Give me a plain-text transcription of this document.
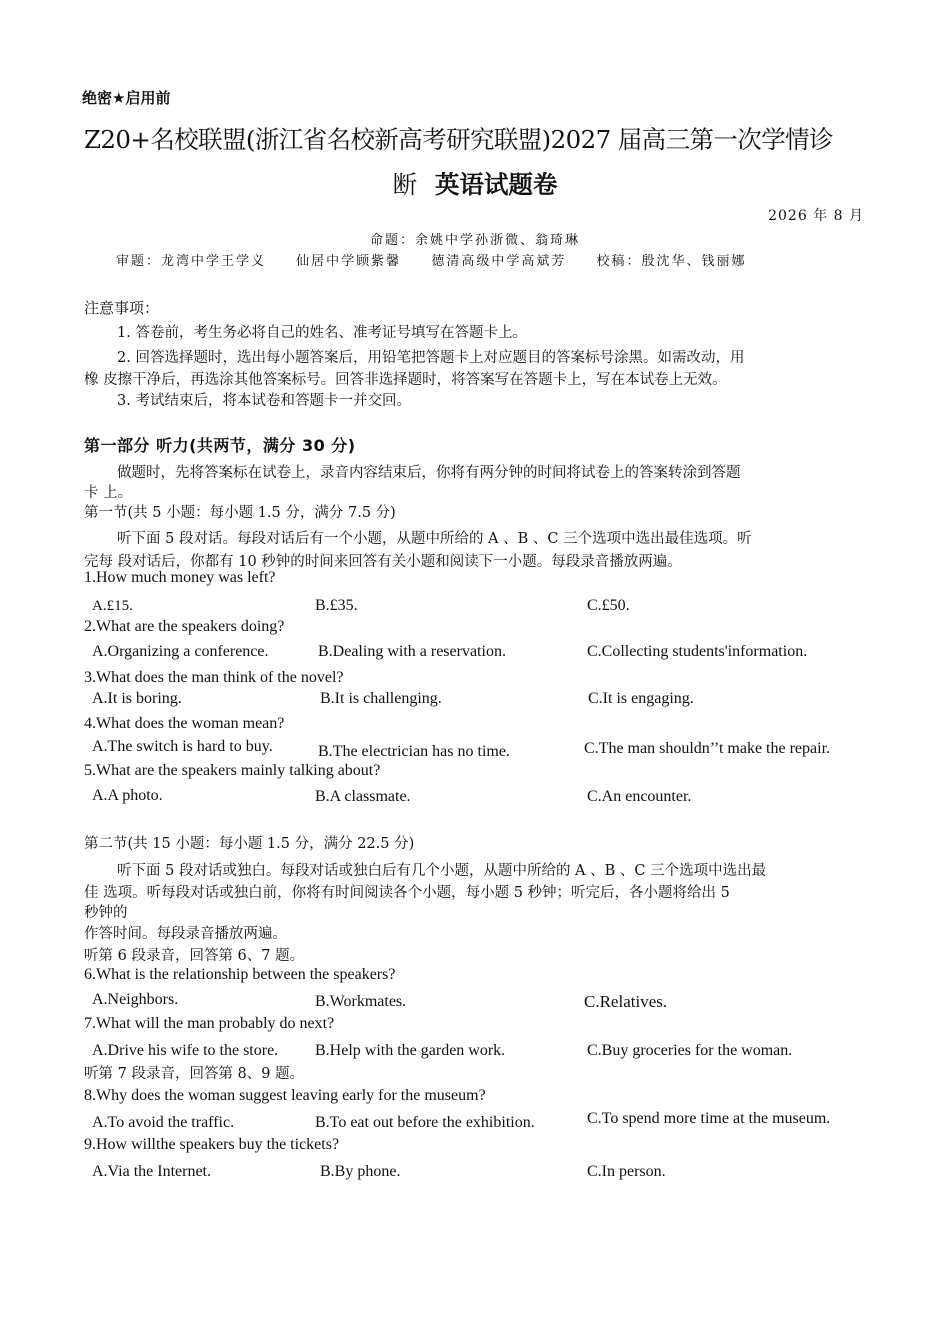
绝密★启用前
Z20+名校联盟(浙江省名校新高考研究联盟)2027 届高三第一次学情诊
断 英语试题卷
2026 年 8 月
命题：余姚中学孙浙微、翁琦琳
审题：龙湾中学王学义 仙居中学顾紫馨 德清高级中学高斌芳 校稿：殷沈华、钱丽娜
注意事项：
1. 答卷前，考生务必将自己的姓名、准考证号填写在答题卡上。
2. 回答选择题时，选出每小题答案后，用铅笔把答题卡上对应题目的答案标号涂黑。如需改动，用
橡 皮擦干净后，再选涂其他答案标号。回答非选择题时，将答案写在答题卡上，写在本试卷上无效。
3. 考试结束后，将本试卷和答题卡一并交回。
第一部分 听力(共两节，满分 30 分)
做题时，先将答案标在试卷上，录音内容结束后，你将有两分钟的时间将试卷上的答案转涂到答题
卡 上。
第一节(共 5 小题：每小题 1.5 分，满分 7.5 分)
听下面 5 段对话。每段对话后有一个小题，从题中所给的 A 、B 、C 三个选项中选出最佳选项。听
完每 段对话后，你都有 10 秒钟的时间来回答有关小题和阅读下一小题。每段录音播放两遍。
1.How much money was left?
A.£15.	B.£35.	C.£50.
2.What are the speakers doing?
A.Organizing a conference.	B.Dealing with a reservation.	C.Collecting students'information.
3.What does the man think of the novel?
A.It is boring.	B.It is challenging.	C.It is engaging.
4.What does the woman mean?
A.The switch is hard to buy.	B.The electrician has no time.	C.The man shouldn’’t make the repair.
5.What are the speakers mainly talking about?
A.A photo.	B.A classmate.	C.An encounter.
第二节(共 15 小题：每小题 1.5 分，满分 22.5 分)
听下面 5 段对话或独白。每段对话或独白后有几个小题，从题中所给的 A 、B 、C 三个选项中选出最
佳 选项。听每段对话或独白前，你将有时间阅读各个小题，每小题 5 秒钟；听完后，各小题将给出 5
秒钟的
作答时间。每段录音播放两遍。
听第 6 段录音，回答第 6、7 题。
6.What is the relationship between the speakers?
A.Neighbors.	B.Workmates.	C.Relatives.
7.What will the man probably do next?
A.Drive his wife to the store. B.Help with the garden work.	C.Buy groceries for the woman.
听第 7 段录音，回答第 8、9 题。
8.Why does the woman suggest leaving early for the museum?
A.To avoid the traffic.	B.To eat out before the exhibition.	C.To spend more time at the museum.
9.How willthe speakers buy the tickets?
A.Via the Internet.	B.By phone.	C.In person.
